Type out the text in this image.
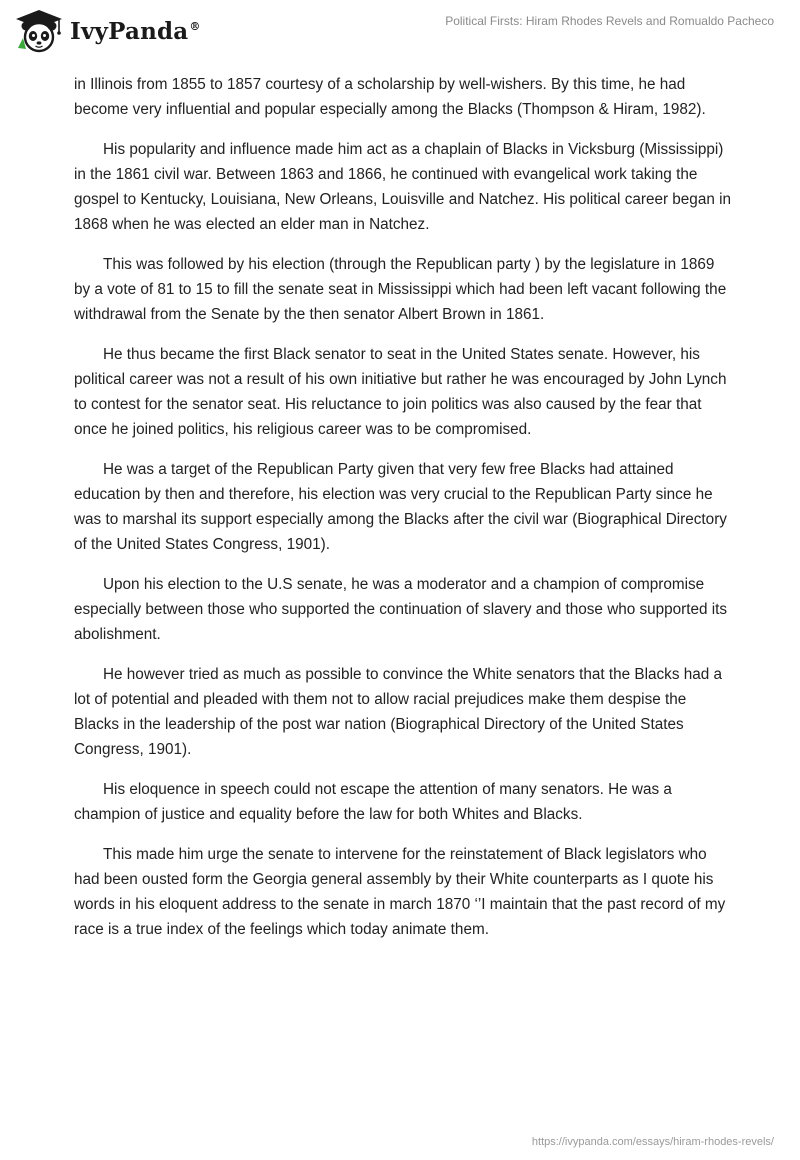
IvyPanda®	Political Firsts: Hiram Rhodes Revels and Romualdo Pacheco

in Illinois from 1855 to 1857 courtesy of a scholarship by well-wishers. By this time, he had become very influential and popular especially among the Blacks (Thompson & Hiram, 1982).

His popularity and influence made him act as a chaplain of Blacks in Vicksburg (Mississippi) in the 1861 civil war. Between 1863 and 1866, he continued with evangelical work taking the gospel to Kentucky, Louisiana, New Orleans, Louisville and Natchez. His political career began in 1868 when he was elected an elder man in Natchez.

This was followed by his election (through the Republican party ) by the legislature in 1869 by a vote of 81 to 15 to fill the senate seat in Mississippi which had been left vacant following the withdrawal from the Senate by the then senator Albert Brown in 1861.

He thus became the first Black senator to seat in the United States senate. However, his political career was not a result of his own initiative but rather he was encouraged by John Lynch to contest for the senator seat. His reluctance to join politics was also caused by the fear that once he joined politics, his religious career was to be compromised.

He was a target of the Republican Party given that very few free Blacks had attained education by then and therefore, his election was very crucial to the Republican Party since he was to marshal its support especially among the Blacks after the civil war (Biographical Directory of the United States Congress, 1901).

Upon his election to the U.S senate, he was a moderator and a champion of compromise especially between those who supported the continuation of slavery and those who supported its abolishment.

He however tried as much as possible to convince the White senators that the Blacks had a lot of potential and pleaded with them not to allow racial prejudices make them despise the Blacks in the leadership of the post war nation (Biographical Directory of the United States Congress, 1901).

His eloquence in speech could not escape the attention of many senators. He was a champion of justice and equality before the law for both Whites and Blacks.

This made him urge the senate to intervene for the reinstatement of Black legislators who had been ousted form the Georgia general assembly by their White counterparts as I quote his words in his eloquent address to the senate in march 1870 ‘’I maintain that the past record of my race is a true index of the feelings which today animate them.

https://ivypanda.com/essays/hiram-rhodes-revels/
